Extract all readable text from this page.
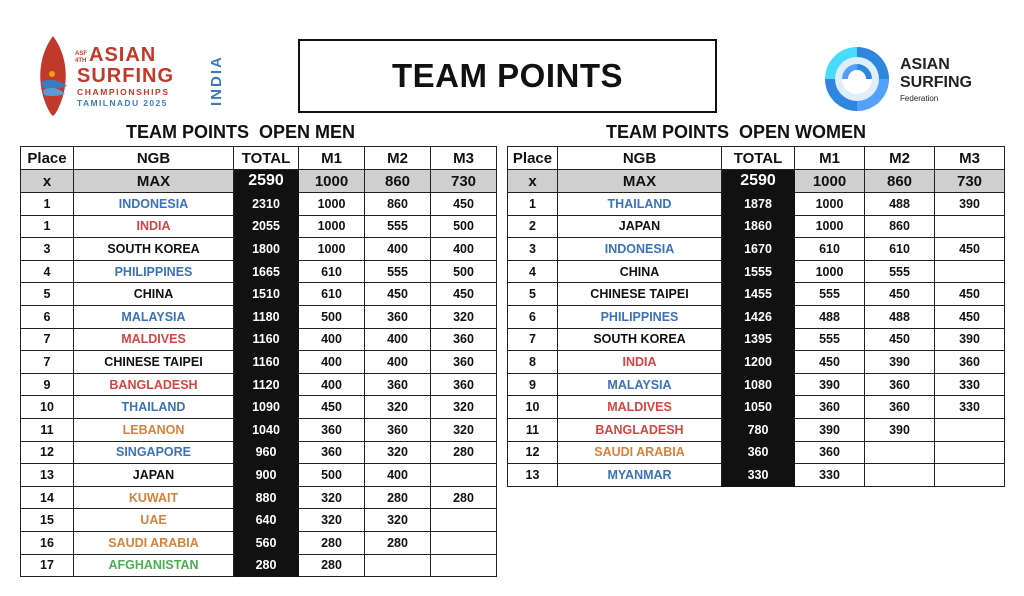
ASF
4TH ASIAN
SURFING
CHAMPIONSHIPS
TAMILNADU 2025	INDIA	TEAM POINTS	ASIAN
SURFING
Federation
TEAM POINTS  OPEN MEN	TEAM POINTS  OPEN WOMEN
Place	NGB	TOTAL	M1	M2	M3
x	MAX	2590	1000	860	730
1	INDONESIA	2310	1000	860	450
1	INDIA	2055	1000	555	500
3	SOUTH KOREA	1800	1000	400	400
4	PHILIPPINES	1665	610	555	500
5	CHINA	1510	610	450	450
6	MALAYSIA	1180	500	360	320
7	MALDIVES	1160	400	400	360
7	CHINESE TAIPEI	1160	400	400	360
9	BANGLADESH	1120	400	360	360
10	THAILAND	1090	450	320	320
11	LEBANON	1040	360	360	320
12	SINGAPORE	960	360	320	280
13	JAPAN	900	500	400	
14	KUWAIT	880	320	280	280
15	UAE	640	320	320	
16	SAUDI ARABIA	560	280	280	
17	AFGHANISTAN	280	280		
Place	NGB	TOTAL	M1	M2	M3
x	MAX	2590	1000	860	730
1	THAILAND	1878	1000	488	390
2	JAPAN	1860	1000	860	
3	INDONESIA	1670	610	610	450
4	CHINA	1555	1000	555	
5	CHINESE TAIPEI	1455	555	450	450
6	PHILIPPINES	1426	488	488	450
7	SOUTH KOREA	1395	555	450	390
8	INDIA	1200	450	390	360
9	MALAYSIA	1080	390	360	330
10	MALDIVES	1050	360	360	330
11	BANGLADESH	780	390	390	
12	SAUDI ARABIA	360	360		
13	MYANMAR	330	330		
